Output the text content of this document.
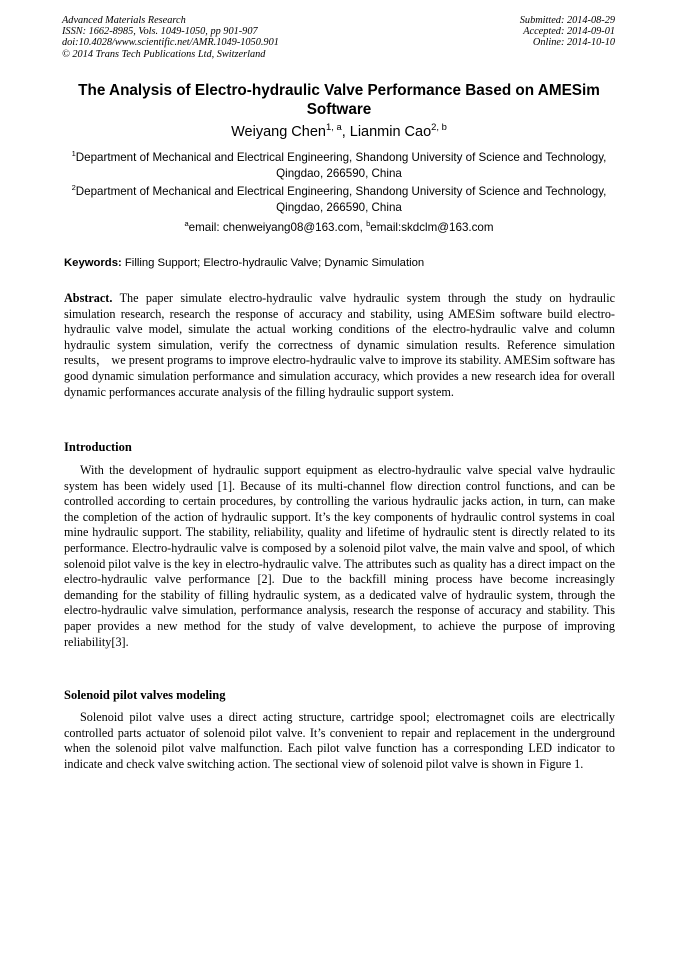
Advanced Materials Research
ISSN: 1662-8985, Vols. 1049-1050, pp 901-907
doi:10.4028/www.scientific.net/AMR.1049-1050.901
© 2014 Trans Tech Publications Ltd, Switzerland
Submitted: 2014-08-29
Accepted: 2014-09-01
Online: 2014-10-10
The Analysis of Electro-hydraulic Valve Performance Based on AMESim Software
Weiyang Chen$^{1, a}$, Lianmin Cao$^{2, b}$
$^1$Department of Mechanical and Electrical Engineering, Shandong University of Science and Technology, Qingdao, 266590, China
$^2$Department of Mechanical and Electrical Engineering, Shandong University of Science and Technology, Qingdao, 266590, China
$^a$email: chenweiyang08@163.com, $^b$email:skdclm@163.com
Keywords: Filling Support; Electro-hydraulic Valve; Dynamic Simulation
Abstract. The paper simulate electro-hydraulic valve hydraulic system through the study on hydraulic simulation research, research the response of accuracy and stability, using AMESim software build electro-hydraulic valve model, simulate the actual working conditions of the electro-hydraulic valve and column hydraulic system simulation, verify the correctness of dynamic simulation results. Reference simulation results， we present programs to improve electro-hydraulic valve to improve its stability. AMESim software has good dynamic simulation performance and simulation accuracy, which provides a new research idea for overall dynamic performances accurate analysis of the filling hydraulic support system.
Introduction
With the development of hydraulic support equipment as electro-hydraulic valve special valve hydraulic system has been widely used [1]. Because of its multi-channel flow direction control functions, and can be controlled according to certain procedures, by controlling the various hydraulic jacks action, in turn, can make the completion of the action of hydraulic support. It’s the key components of hydraulic control systems in coal mine hydraulic support. The stability, reliability, quality and lifetime of hydraulic stent is directly related to its performance. Electro-hydraulic valve is composed by a solenoid pilot valve, the main valve and spool, of which solenoid pilot valve is the key in electro-hydraulic valve. The attributes such as quality has a direct impact on the electro-hydraulic valve performance [2]. Due to the backfill mining process have become increasingly demanding for the stability of filling hydraulic system, as a dedicated valve of hydraulic system, through the electro-hydraulic valve simulation, performance analysis, research the response of accuracy and stability. This paper provides a new method for the study of valve development, to achieve the purpose of improving reliability[3].
Solenoid pilot valves modeling
Solenoid pilot valve uses a direct acting structure, cartridge spool; electromagnet coils are electrically controlled parts actuator of solenoid pilot valve. It’s convenient to repair and replacement in the underground when the solenoid pilot valve malfunction. Each pilot valve function has a corresponding LED indicator to indicate and check valve switching action. The sectional view of solenoid pilot valve is shown in Figure 1.
